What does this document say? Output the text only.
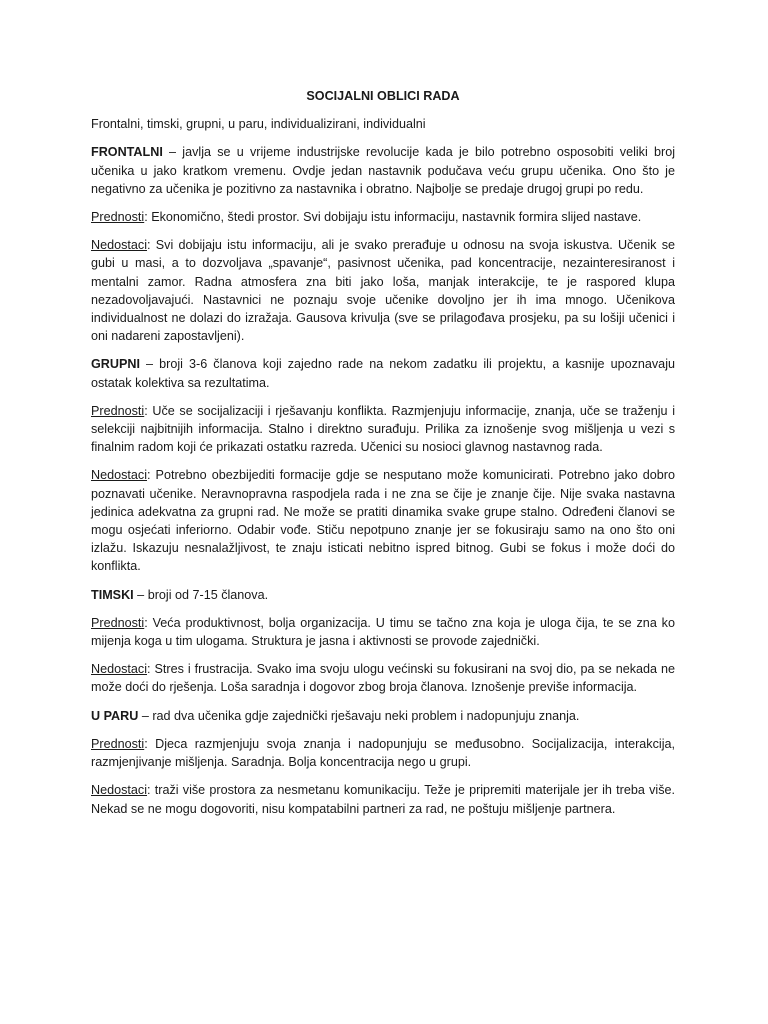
SOCIJALNI OBLICI RADA
Frontalni, timski, grupni, u paru, individualizirani, individualni

FRONTALNI – javlja se u vrijeme industrijske revolucije kada je bilo potrebno osposobiti veliki broj učenika u jako kratkom vremenu. Ovdje jedan nastavnik podučava veću grupu učenika. Ono što je negativno za učenika je pozitivno za nastavnika i obratno. Najbolje se predaje drugoj grupi po redu.

Prednosti: Ekonomično, štedi prostor. Svi dobijaju istu informaciju, nastavnik formira slijed nastave.

Nedostaci: Svi dobijaju istu informaciju, ali je svako prerađuje u odnosu na svoja iskustva. Učenik se gubi u masi, a to dozvoljava „spavanje“, pasivnost učenika, pad koncentracije, nezainteresiranost i mentalni zamor. Radna atmosfera zna biti jako loša, manjak interakcije, te je raspored klupa nezadovoljavajući. Nastavnici ne poznaju svoje učenike dovoljno jer ih ima mnogo. Učenikova individualnost ne dolazi do izražaja. Gausova krivulja (sve se prilagođava prosjeku, pa su lošiji učenici i oni nadareni zapostavljeni).

GRUPNI – broji 3-6 članova koji zajedno rade na nekom zadatku ili projektu, a kasnije upoznavaju ostatak kolektiva sa rezultatima.

Prednosti: Uče se socijalizaciji i rješavanju konflikta. Razmjenjuju informacije, znanja, uče se traženju i selekciji najbitnijih informacija. Stalno i direktno surađuju. Prilika za iznošenje svog mišljenja u vezi s finalnim radom koji će prikazati ostatku razreda. Učenici su nosioci glavnog nastavnog rada.

Nedostaci: Potrebno obezbijediti formacije gdje se nesputano može komunicirati. Potrebno jako dobro poznavati učenike. Neravnopravna raspodjela rada i ne zna se čije je znanje čije. Nije svaka nastavna jedinica adekvatna za grupni rad. Ne može se pratiti dinamika svake grupe stalno. Određeni članovi se mogu osjećati inferiorno. Odabir vođe. Stiču nepotpuno znanje jer se fokusiraju samo na ono što oni izlažu. Iskazuju nesnalažljivost, te znaju isticati nebitno ispred bitnog. Gubi se fokus i može doći do konflikta.

TIMSKI – broji od 7-15 članova.

Prednosti: Veća produktivnost, bolja organizacija. U timu se tačno zna koja je uloga čija, te se zna ko mijenja koga u tim ulogama. Struktura je jasna i aktivnosti se provode zajednički.

Nedostaci: Stres i frustracija. Svako ima svoju ulogu većinski su fokusirani na svoj dio, pa se nekada ne može doći do rješenja. Loša saradnja i dogovor zbog broja članova. Iznošenje previše informacija.

U PARU – rad dva učenika gdje zajednički rješavaju neki problem i nadopunjuju znanja.

Prednosti: Djeca razmjenjuju svoja znanja i nadopunjuju se međusobno. Socijalizacija, interakcija, razmjenjivanje mišljenja. Saradnja. Bolja koncentracija nego u grupi.

Nedostaci: traži više prostora za nesmetanu komunikaciju. Teže je pripremiti materijale jer ih treba više. Nekad se ne mogu dogovoriti, nisu kompatabilni partneri za rad, ne poštuju mišljenje partnera.
